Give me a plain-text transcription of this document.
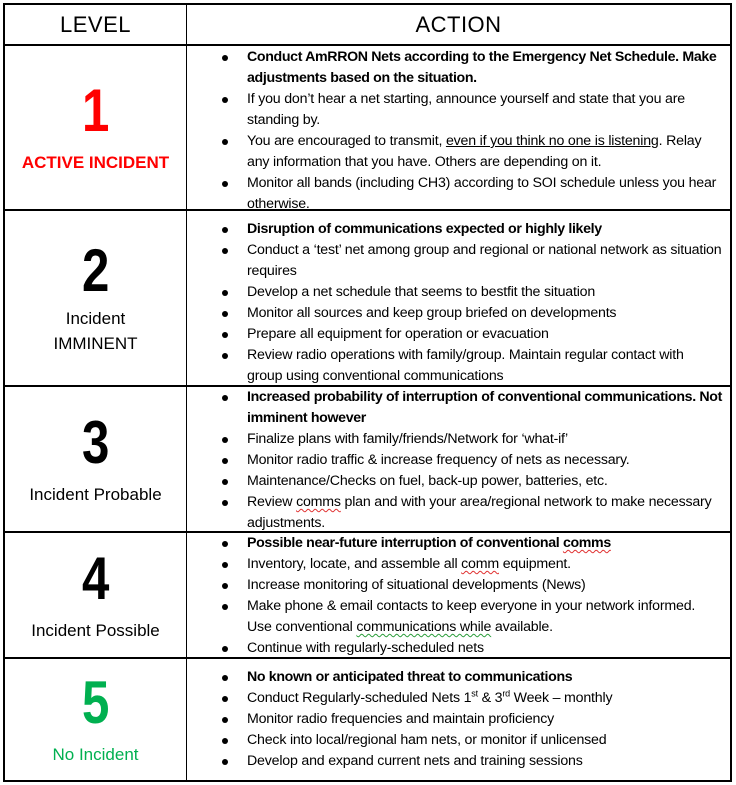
LEVEL	ACTION
1
ACTIVE INCIDENT
Conduct AmRRON Nets according to the Emergency Net Schedule. Make adjustments based on the situation.
If you don’t hear a net starting, announce yourself and state that you are standing by.
You are encouraged to transmit, even if you think no one is listening. Relay any information that you have. Others are depending on it.
Monitor all bands (including CH3) according to SOI schedule unless you hear otherwise.
2
Incident
IMMINENT
Disruption of communications expected or highly likely
Conduct a ‘test’ net among group and regional or national network as situation requires
Develop a net schedule that seems to bestfit the situation
Monitor all sources and keep group briefed on developments
Prepare all equipment for operation or evacuation
Review radio operations with family/group. Maintain regular contact with group using conventional communications
3
Incident Probable
Increased probability of interruption of conventional communications. Not imminent however
Finalize plans with family/friends/Network for ‘what-if’
Monitor radio traffic & increase frequency of nets as necessary.
Maintenance/Checks on fuel, back-up power, batteries, etc.
Review comms plan and with your area/regional network to make necessary adjustments.
4
Incident Possible
Possible near-future interruption of conventional comms
Inventory, locate, and assemble all comm equipment.
Increase monitoring of situational developments (News)
Make phone & email contacts to keep everyone in your network informed. Use conventional communications while available.
Continue with regularly-scheduled nets
5
No Incident
No known or anticipated threat to communications
Conduct Regularly-scheduled Nets 1st & 3rd Week – monthly
Monitor radio frequencies and maintain proficiency
Check into local/regional ham nets, or monitor if unlicensed
Develop and expand current nets and training sessions
